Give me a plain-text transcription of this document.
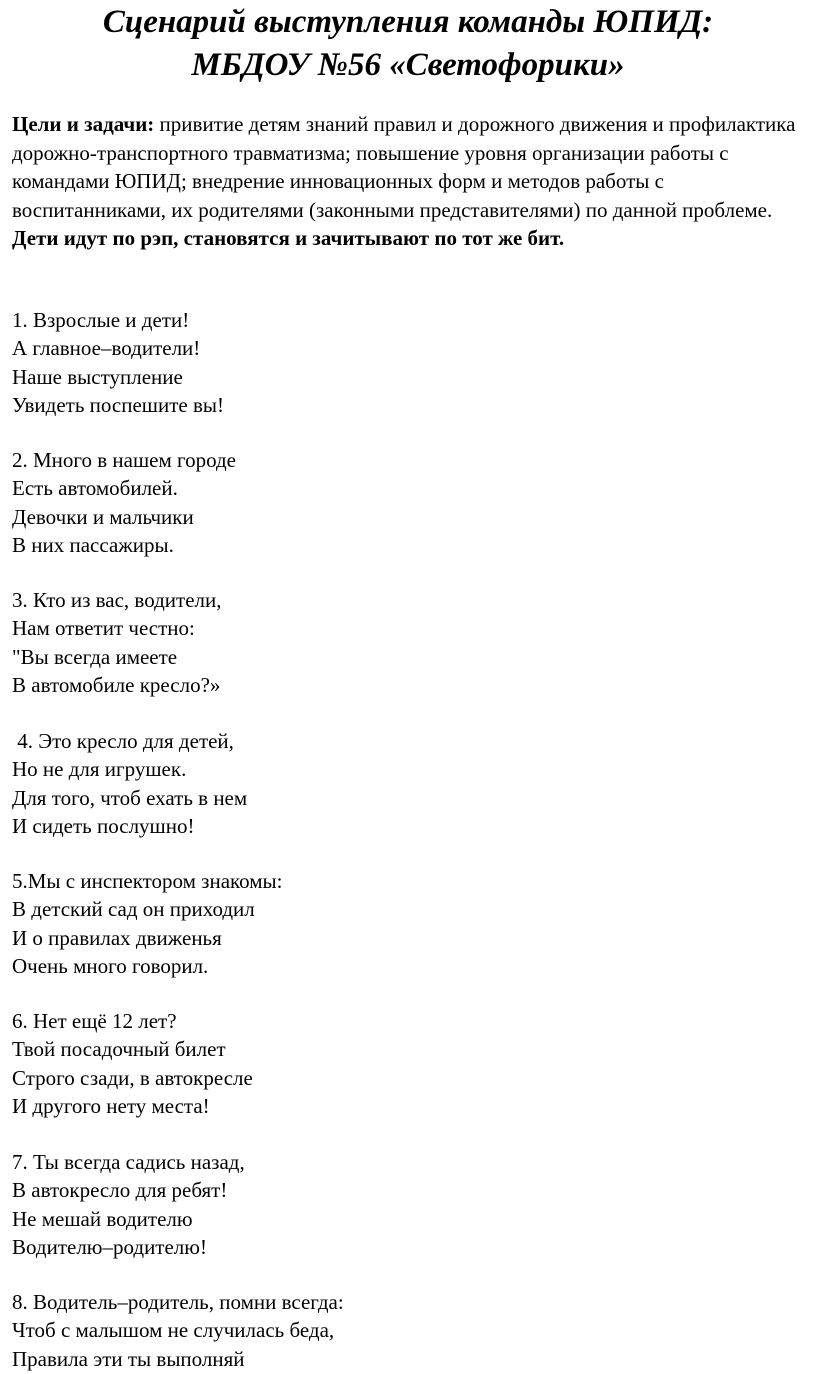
Сценарий выступления команды ЮПИД:
МБДОУ №56 «Светофорики»

Цели и задачи: привитие детям знаний правил и дорожного движения и профилактика дорожно-транспортного травматизма; повышение уровня организации работы с командами ЮПИД; внедрение инновационных форм и методов работы с воспитанниками, их родителями (законными представителями) по данной проблеме.
Дети идут по рэп, становятся и зачитывают по тот же бит.

1. Взрослые и дети!
А главное–водители!
Наше выступление
Увидеть поспешите вы!

2. Много в нашем городе
Есть автомобилей.
Девочки и мальчики
В них пассажиры.

3. Кто из вас, водители,
Нам ответит честно:
"Вы всегда имеете
В автомобиле кресло?»

4. Это кресло для детей,
Но не для игрушек.
Для того, чтоб ехать в нем
И сидеть послушно!

5.Мы с инспектором знакомы:
В детский сад он приходил
И о правилах движенья
Очень много говорил.

6. Нет ещё 12 лет?
Твой посадочный билет
Строго сзади, в автокресле
И другого нету места!

7. Ты всегда садись назад,
В автокресло для ребят!
Не мешай водителю
Водителю–родителю!

8. Водитель–родитель, помни всегда:
Чтоб с малышом не случилась беда,
Правила эти ты выполняй
